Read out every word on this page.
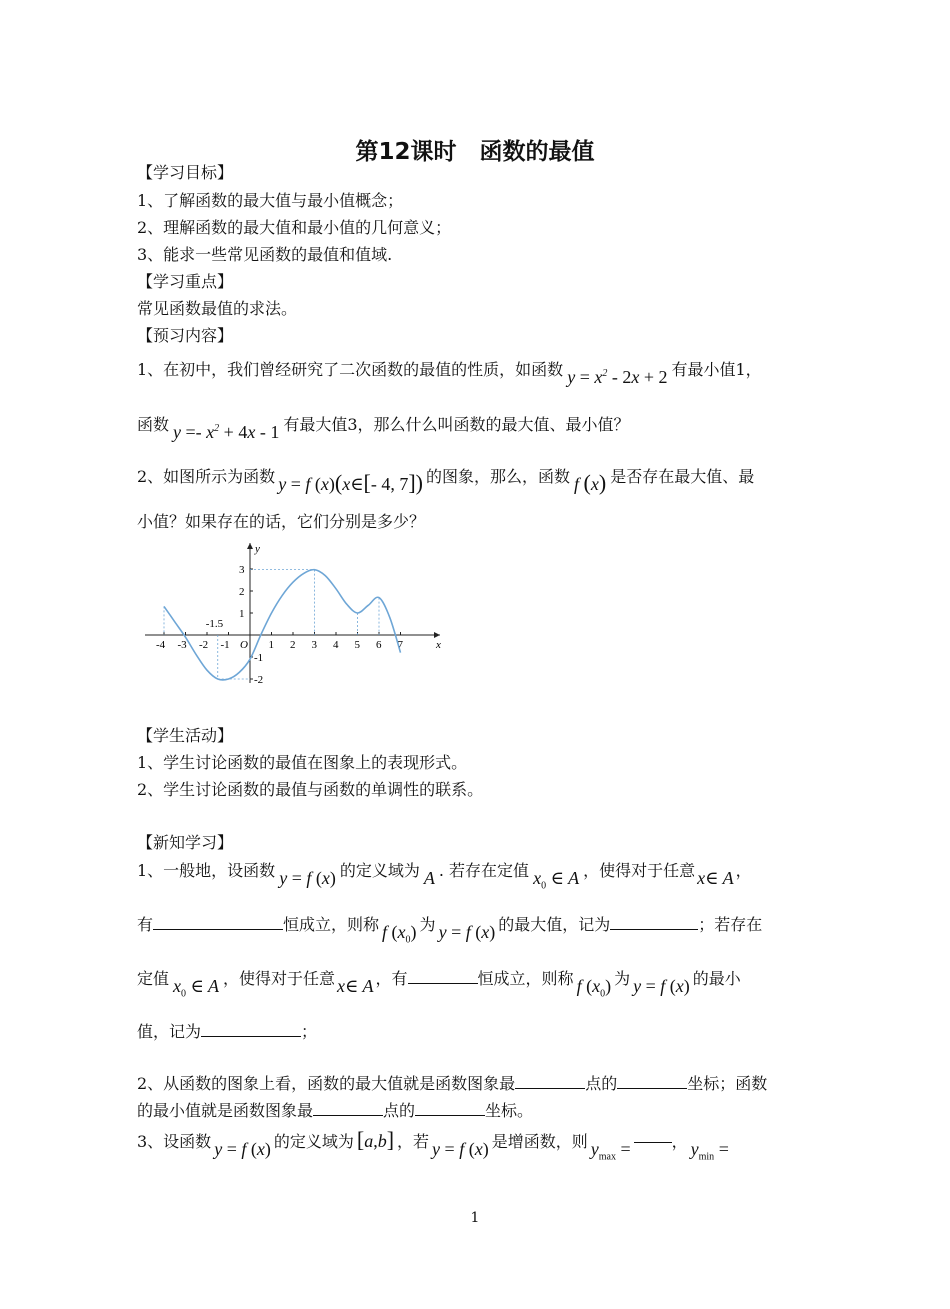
第12课时　函数的最值
【学习目标】
1、了解函数的最大值与最小值概念；
2、理解函数的最大值和最小值的几何意义；
3、能求一些常见函数的最值和值域.
【学习重点】
常见函数最值的求法。
【预习内容】
1、在初中，我们曾经研究了二次函数的最值的性质，如函数 $y = x^2 - 2x + 2$ 有最小值1，
函数 $y =- x^2 + 4x - 1$ 有最大值3，那么什么叫函数的最大值、最小值？
2、如图所示为函数 y = f (x)(x∈[- 4, 7]) 的图象，那么，函数 f (x) 是否存在最大值、最
小值？如果存在的话，它们分别是多少？
x
y
-4 -3 -2 -1 O 1 2 3 4 5 6 7
3
2
1
-1
-2
-1.5
【学生活动】
1、学生讨论函数的最值在图象上的表现形式。
2、学生讨论函数的最值与函数的单调性的联系。
【新知学习】
1、一般地，设函数 y = f (x) 的定义域为 A . 若存在定值 $x_0$ ∈ A ，使得对于任意 x∈ A ，
有	恒成立，则称 f $(x_0)$ 为 y = f (x) 的最大值，记为	；若存在
定值 $x_0$ ∈ A ，使得对于任意 x∈ A ，有	恒成立，则称 f $(x_0)$ 为 y = f (x) 的最小
值，记为	；
2、从函数的图象上看，函数的最大值就是函数图象最	点的	坐标；函数
的最小值就是函数图象最	点的	坐标。
3、设函数 y = f (x) 的定义域为 [a,b] ，若 y = f (x) 是增函数，则 $y_{max}$ =	， $y_{min}$ =
1
